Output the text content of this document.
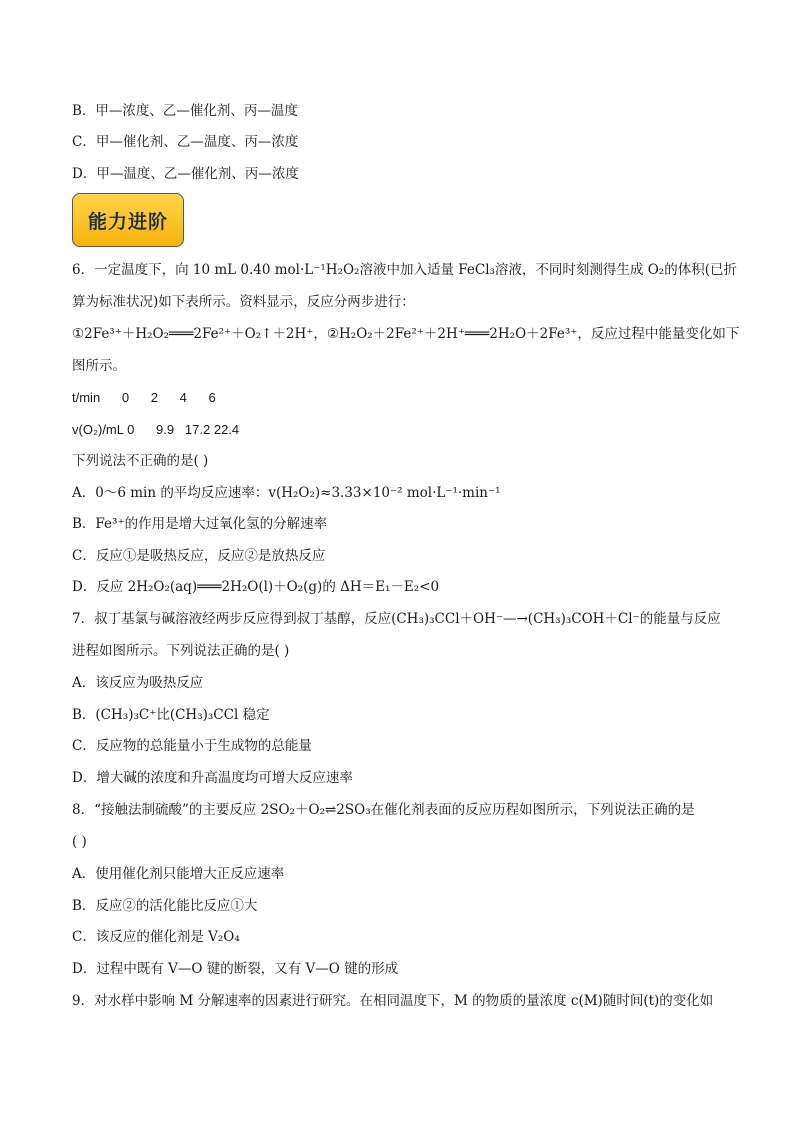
B．甲—浓度、乙—催化剂、丙—温度
C．甲—催化剂、乙—温度、丙—浓度
D．甲—温度、乙—催化剂、丙—浓度
能力进阶
6．一定温度下，向 10 mL 0.40 mol·L⁻¹H₂O₂溶液中加入适量 FeCl₃溶液，不同时刻测得生成 O₂的体积(已折
算为标准状况)如下表所示。资料显示，反应分两步进行：
①2Fe³⁺＋H₂O₂═══2Fe²⁺＋O₂↑＋2H⁺，②H₂O₂＋2Fe²⁺＋2H⁺═══2H₂O＋2Fe³⁺，反应过程中能量变化如下
图所示。
t/min      0      2      4      6
v(O₂)/mL 0      9.9   17.2 22.4
下列说法不正确的是( )
A．0～6 min 的平均反应速率：v(H₂O₂)≈3.33×10⁻² mol·L⁻¹·min⁻¹
B．Fe³⁺的作用是增大过氧化氢的分解速率
C．反应①是吸热反应，反应②是放热反应
D．反应 2H₂O₂(aq)═══2H₂O(l)＋O₂(g)的 ΔH＝E₁－E₂<0
7．叔丁基氯与碱溶液经两步反应得到叔丁基醇，反应(CH₃)₃CCl＋OH⁻—→(CH₃)₃COH＋Cl⁻的能量与反应
进程如图所示。下列说法正确的是( )
A．该反应为吸热反应
B．(CH₃)₃C⁺比(CH₃)₃CCl 稳定
C．反应物的总能量小于生成物的总能量
D．增大碱的浓度和升高温度均可增大反应速率
8．“接触法制硫酸”的主要反应 2SO₂＋O₂⇌2SO₃在催化剂表面的反应历程如图所示，下列说法正确的是
( )
A．使用催化剂只能增大正反应速率
B．反应②的活化能比反应①大
C．该反应的催化剂是 V₂O₄
D．过程中既有 V—O 键的断裂，又有 V—O 键的形成
9．对水样中影响 M 分解速率的因素进行研究。在相同温度下，M 的物质的量浓度 c(M)随时间(t)的变化如
